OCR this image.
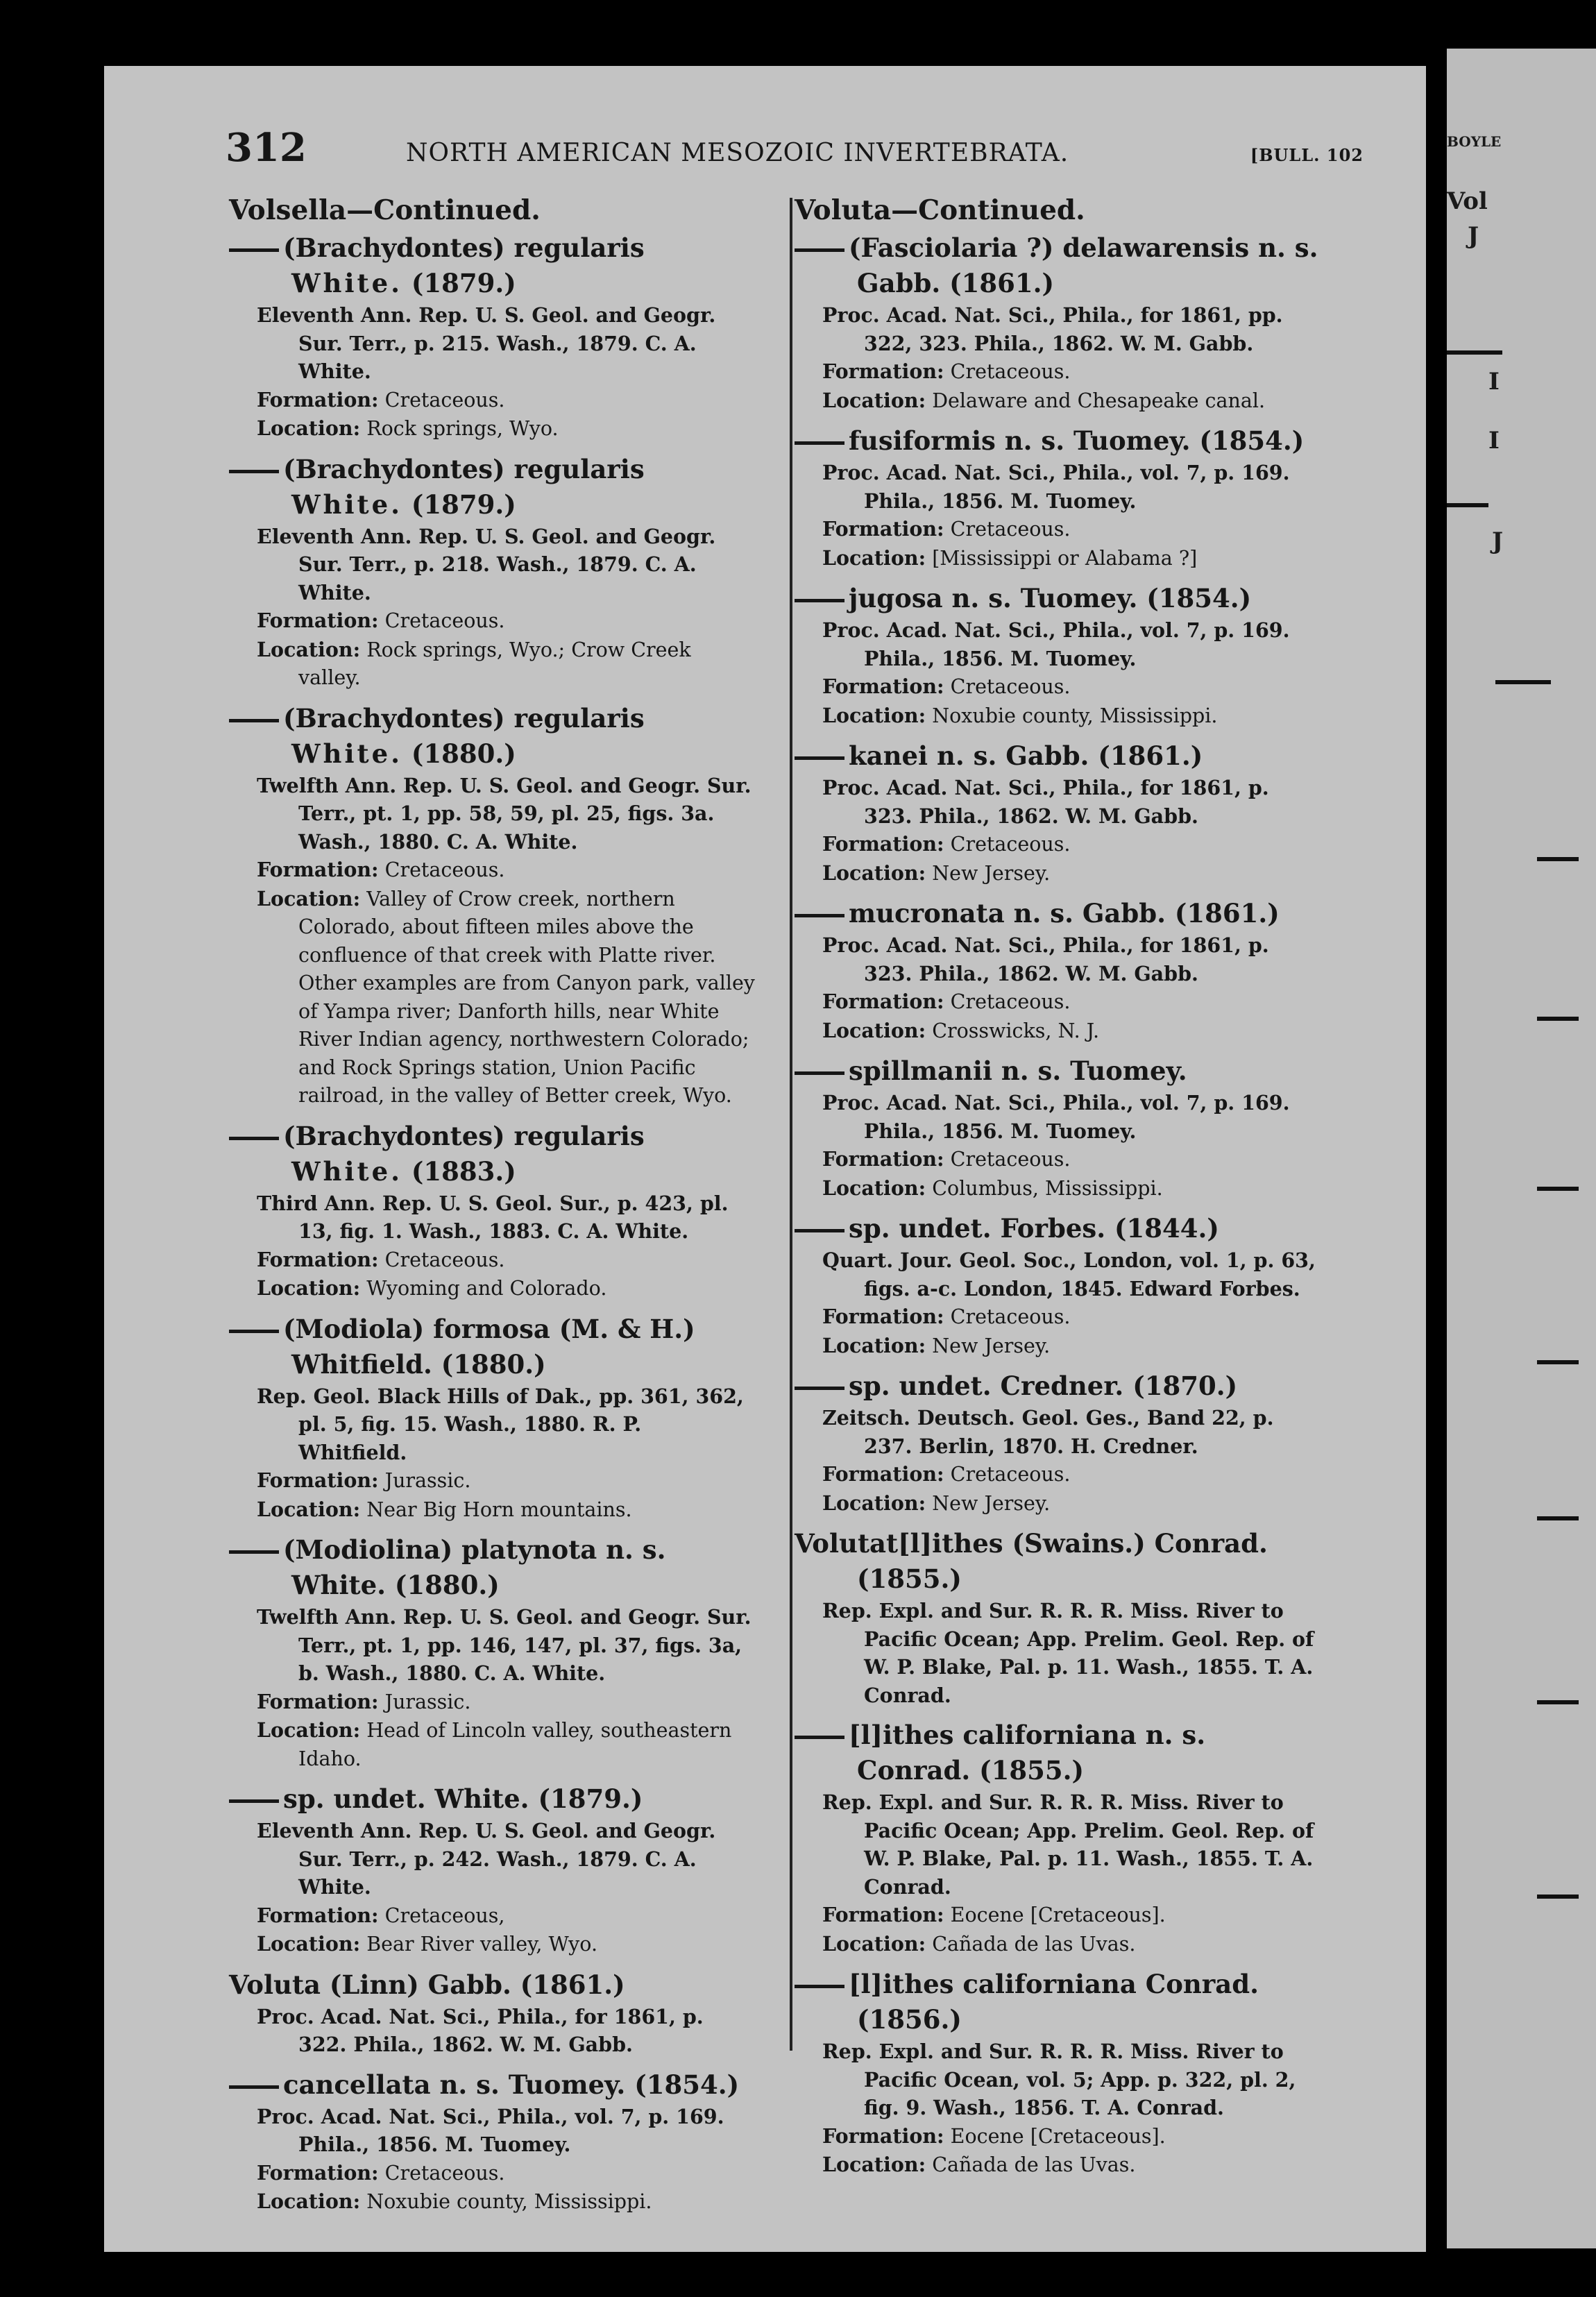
BOYLE
Vol
J
I
I
J
312	NORTH AMERICAN MESOZOIC INVERTEBRATA.	[BULL. 102
Volsella—Continued.
(Brachydontes) regularis White. (1879.)
Eleventh Ann. Rep. U. S. Geol. and Geogr. Sur. Terr., p. 215. Wash., 1879. C. A. White.
Formation: Cretaceous.
Location: Rock springs, Wyo.
(Brachydontes) regularis White. (1879.)
Eleventh Ann. Rep. U. S. Geol. and Geogr. Sur. Terr., p. 218. Wash., 1879. C. A. White.
Formation: Cretaceous.
Location: Rock springs, Wyo.; Crow Creek valley.
(Brachydontes) regularis White. (1880.)
Twelfth Ann. Rep. U. S. Geol. and Geogr. Sur. Terr., pt. 1, pp. 58, 59, pl. 25, figs. 3a. Wash., 1880. C. A. White.
Formation: Cretaceous.
Location: Valley of Crow creek, northern Colorado, about fifteen miles above the confluence of that creek with Platte river. Other examples are from Canyon park, valley of Yampa river; Danforth hills, near White River Indian agency, northwestern Colorado; and Rock Springs station, Union Pacific railroad, in the valley of Better creek, Wyo.
(Brachydontes) regularis White. (1883.)
Third Ann. Rep. U. S. Geol. Sur., p. 423, pl. 13, fig. 1. Wash., 1883. C. A. White.
Formation: Cretaceous.
Location: Wyoming and Colorado.
(Modiola) formosa (M. & H.) Whitfield. (1880.)
Rep. Geol. Black Hills of Dak., pp. 361, 362, pl. 5, fig. 15. Wash., 1880. R. P. Whitfield.
Formation: Jurassic.
Location: Near Big Horn mountains.
(Modiolina) platynota n. s. White. (1880.)
Twelfth Ann. Rep. U. S. Geol. and Geogr. Sur. Terr., pt. 1, pp. 146, 147, pl. 37, figs. 3a, b. Wash., 1880. C. A. White.
Formation: Jurassic.
Location: Head of Lincoln valley, southeastern Idaho.
sp. undet. White. (1879.)
Eleventh Ann. Rep. U. S. Geol. and Geogr. Sur. Terr., p. 242. Wash., 1879. C. A. White.
Formation: Cretaceous,
Location: Bear River valley, Wyo.
Voluta (Linn) Gabb. (1861.)
Proc. Acad. Nat. Sci., Phila., for 1861, p. 322. Phila., 1862. W. M. Gabb.
cancellata n. s. Tuomey. (1854.)
Proc. Acad. Nat. Sci., Phila., vol. 7, p. 169. Phila., 1856. M. Tuomey.
Formation: Cretaceous.
Location: Noxubie county, Mississippi.
Voluta—Continued.
(Fasciolaria ?) delawarensis n. s. Gabb. (1861.)
Proc. Acad. Nat. Sci., Phila., for 1861, pp. 322, 323. Phila., 1862. W. M. Gabb.
Formation: Cretaceous.
Location: Delaware and Chesapeake canal.
fusiformis n. s. Tuomey. (1854.)
Proc. Acad. Nat. Sci., Phila., vol. 7, p. 169. Phila., 1856. M. Tuomey.
Formation: Cretaceous.
Location: [Mississippi or Alabama ?]
jugosa n. s. Tuomey. (1854.)
Proc. Acad. Nat. Sci., Phila., vol. 7, p. 169. Phila., 1856. M. Tuomey.
Formation: Cretaceous.
Location: Noxubie county, Mississippi.
kanei n. s. Gabb. (1861.)
Proc. Acad. Nat. Sci., Phila., for 1861, p. 323. Phila., 1862. W. M. Gabb.
Formation: Cretaceous.
Location: New Jersey.
mucronata n. s. Gabb. (1861.)
Proc. Acad. Nat. Sci., Phila., for 1861, p. 323. Phila., 1862. W. M. Gabb.
Formation: Cretaceous.
Location: Crosswicks, N. J.
spillmanii n. s. Tuomey.
Proc. Acad. Nat. Sci., Phila., vol. 7, p. 169. Phila., 1856. M. Tuomey.
Formation: Cretaceous.
Location: Columbus, Mississippi.
sp. undet. Forbes. (1844.)
Quart. Jour. Geol. Soc., London, vol. 1, p. 63, figs. a-c. London, 1845. Edward Forbes.
Formation: Cretaceous.
Location: New Jersey.
sp. undet. Credner. (1870.)
Zeitsch. Deutsch. Geol. Ges., Band 22, p. 237. Berlin, 1870. H. Credner.
Formation: Cretaceous.
Location: New Jersey.
Volutat[l]ithes (Swains.) Conrad. (1855.)
Rep. Expl. and Sur. R. R. R. Miss. River to Pacific Ocean; App. Prelim. Geol. Rep. of W. P. Blake, Pal. p. 11. Wash., 1855. T. A. Conrad.
[l]ithes californiana n. s. Conrad. (1855.)
Rep. Expl. and Sur. R. R. R. Miss. River to Pacific Ocean; App. Prelim. Geol. Rep. of W. P. Blake, Pal. p. 11. Wash., 1855. T. A. Conrad.
Formation: Eocene [Cretaceous].
Location: Cañada de las Uvas.
[l]ithes californiana Conrad. (1856.)
Rep. Expl. and Sur. R. R. R. Miss. River to Pacific Ocean, vol. 5; App. p. 322, pl. 2, fig. 9. Wash., 1856. T. A. Conrad.
Formation: Eocene [Cretaceous].
Location: Cañada de las Uvas.
